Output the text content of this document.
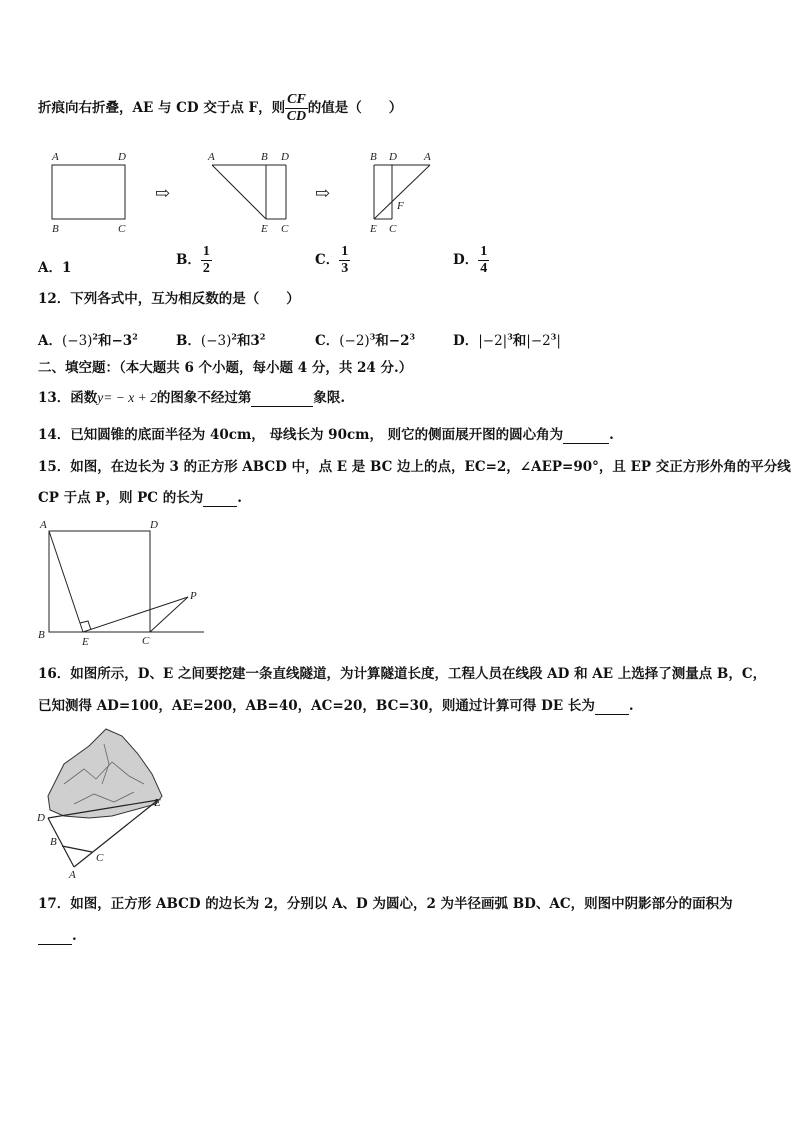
折痕向右折叠，AE 与 CD 交于点 F，则 $\frac{CF}{CD}$ 的值是（　　）
A	D
B	C
⇨
A	B D
E C
⇨
B D A
F
E C
A．1	B． $\frac{1}{2}$	C． $\frac{1}{3}$	D． $\frac{1}{4}$
12．下列各式中，互为相反数的是（　　）
A．$(-3)^2$和$-3^2$	B．$(-3)^2$和$3^2$	C．$(-2)^3$和$-2^3$	D．$|-2|^3$和$|-2^3|$
二、填空题：（本大题共 6 个小题，每小题 4 分，共 24 分.）
13．函数y= − x + 2的图象不经过第	象限.
14．已知圆锥的底面半径为 40cm， 母线长为 90cm， 则它的侧面展开图的圆心角为	.
15．如图，在边长为 3 的正方形 ABCD 中，点 E 是 BC 边上的点，EC=2，∠AEP=90°，且 EP 交正方形外角的平分线
CP 于点 P，则 PC 的长为	.
A	D
B
E	C
P
16．如图所示，D、E 之间要挖建一条直线隧道，为计算隧道长度，工程人员在线段 AD 和 AE 上选择了测量点 B，C，
已知测得 AD=100，AE=200，AB=40，AC=20，BC=30，则通过计算可得 DE 长为	.
D
E
B
C
A
17．如图，正方形 ABCD 的边长为 2，分别以 A、D 为圆心，2 为半径画弧 BD、AC，则图中阴影部分的面积为
.
